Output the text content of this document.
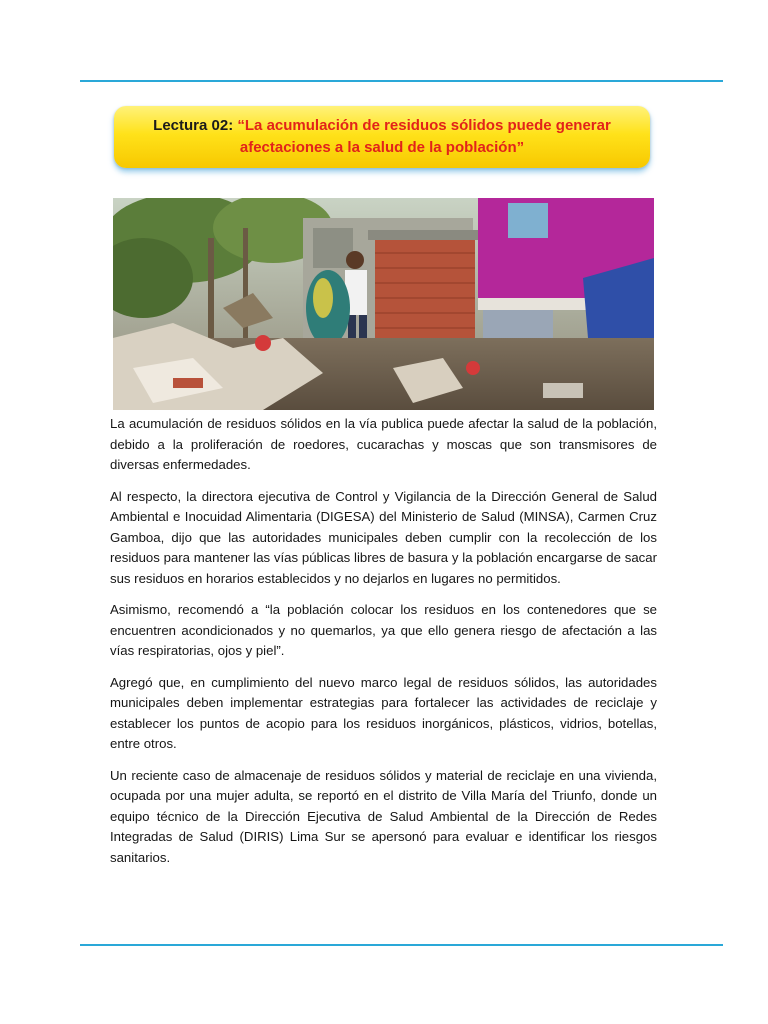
Lectura 02: “La acumulación de residuos sólidos puede generar
afectaciones a la salud de la población”

La acumulación de residuos sólidos en la vía publica puede afectar la salud de la población, debido a la proliferación de roedores, cucarachas y moscas que son transmisores de diversas enfermedades.

Al respecto, la directora ejecutiva de Control y Vigilancia de la Dirección General de Salud Ambiental e Inocuidad Alimentaria (DIGESA) del Ministerio de Salud (MINSA), Carmen Cruz Gamboa, dijo que las autoridades municipales deben cumplir con la recolección de los residuos para mantener las vías públicas libres de basura y la población encargarse de sacar sus residuos en horarios establecidos y no dejarlos en lugares no permitidos.

Asimismo, recomendó a “la población colocar los residuos en los contenedores que se encuentren acondicionados y no quemarlos, ya que ello genera riesgo de afectación a las vías respiratorias, ojos y piel”.

Agregó que, en cumplimiento del nuevo marco legal de residuos sólidos, las autoridades municipales deben implementar estrategias para fortalecer las actividades de reciclaje y establecer los puntos de acopio para los residuos inorgánicos, plásticos, vidrios, botellas, entre otros.

Un reciente caso de almacenaje de residuos sólidos y material de reciclaje en una vivienda, ocupada por una mujer adulta, se reportó en el distrito de Villa María del Triunfo, donde un equipo técnico de la Dirección Ejecutiva de Salud Ambiental de la Dirección de Redes Integradas de Salud (DIRIS) Lima Sur se apersonó para evaluar e identificar los riesgos sanitarios.
